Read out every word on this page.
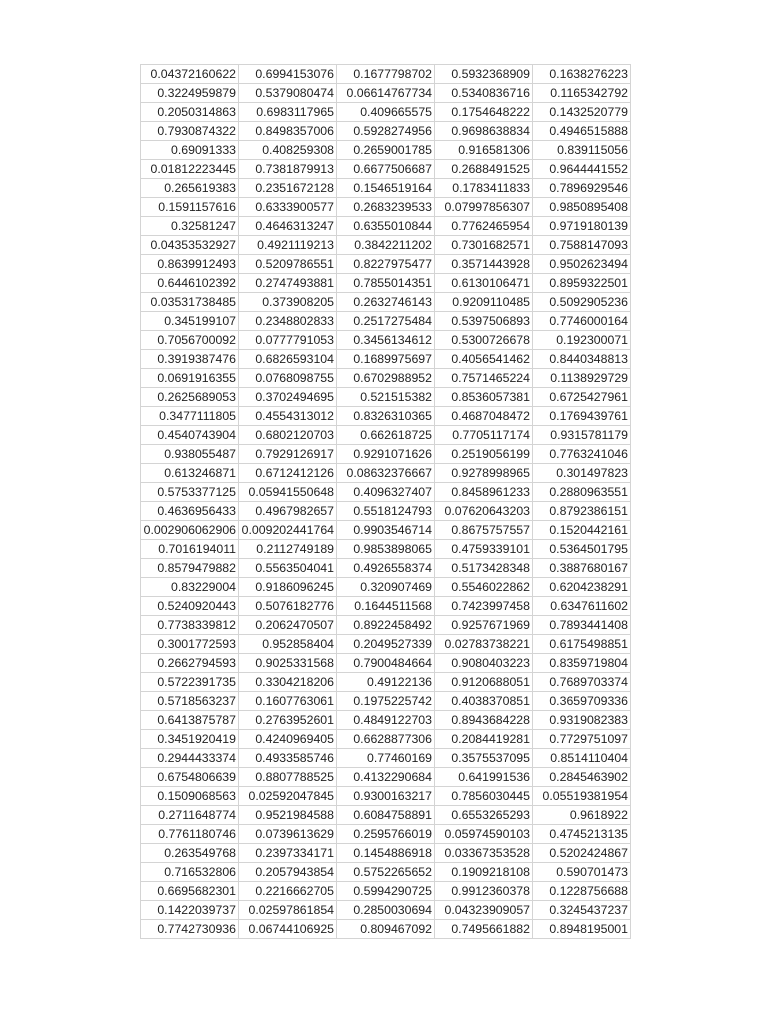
0.04372160622	0.6994153076	0.1677798702	0.5932368909	0.1638276223
0.3224959879	0.5379080474	0.06614767734	0.5340836716	0.1165342792
0.2050314863	0.6983117965	0.409665575	0.1754648222	0.1432520779
0.7930874322	0.8498357006	0.5928274956	0.9698638834	0.4946515888
0.69091333	0.408259308	0.2659001785	0.916581306	0.839115056
0.01812223445	0.7381879913	0.6677506687	0.2688491525	0.9644441552
0.265619383	0.2351672128	0.1546519164	0.1783411833	0.7896929546
0.1591157616	0.6333900577	0.2683239533	0.07997856307	0.9850895408
0.32581247	0.4646313247	0.6355010844	0.7762465954	0.9719180139
0.04353532927	0.4921119213	0.3842211202	0.7301682571	0.7588147093
0.8639912493	0.5209786551	0.8227975477	0.3571443928	0.9502623494
0.6446102392	0.2747493881	0.7855014351	0.6130106471	0.8959322501
0.03531738485	0.373908205	0.2632746143	0.9209110485	0.5092905236
0.345199107	0.2348802833	0.2517275484	0.5397506893	0.7746000164
0.7056700092	0.0777791053	0.3456134612	0.5300726678	0.192300071
0.3919387476	0.6826593104	0.1689975697	0.4056541462	0.8440348813
0.0691916355	0.0768098755	0.6702988952	0.7571465224	0.1138929729
0.2625689053	0.3702494695	0.521515382	0.8536057381	0.6725427961
0.3477111805	0.4554313012	0.8326310365	0.4687048472	0.1769439761
0.4540743904	0.6802120703	0.662618725	0.7705117174	0.9315781179
0.938055487	0.7929126917	0.9291071626	0.2519056199	0.7763241046
0.613246871	0.6712412126	0.08632376667	0.9278998965	0.301497823
0.5753377125	0.05941550648	0.4096327407	0.8458961233	0.2880963551
0.4636956433	0.4967982657	0.5518124793	0.07620643203	0.8792386151
0.002906062906	0.009202441764	0.9903546714	0.8675757557	0.1520442161
0.7016194011	0.2112749189	0.9853898065	0.4759339101	0.5364501795
0.8579479882	0.5563504041	0.4926558374	0.5173428348	0.3887680167
0.83229004	0.9186096245	0.320907469	0.5546022862	0.6204238291
0.5240920443	0.5076182776	0.1644511568	0.7423997458	0.6347611602
0.7738339812	0.2062470507	0.8922458492	0.9257671969	0.7893441408
0.3001772593	0.952858404	0.2049527339	0.02783738221	0.6175498851
0.2662794593	0.9025331568	0.7900484664	0.9080403223	0.8359719804
0.5722391735	0.3304218206	0.49122136	0.9120688051	0.7689703374
0.5718563237	0.1607763061	0.1975225742	0.4038370851	0.3659709336
0.6413875787	0.2763952601	0.4849122703	0.8943684228	0.9319082383
0.3451920419	0.4240969405	0.6628877306	0.2084419281	0.7729751097
0.2944433374	0.4933585746	0.77460169	0.3575537095	0.8514110404
0.6754806639	0.8807788525	0.4132290684	0.641991536	0.2845463902
0.1509068563	0.02592047845	0.9300163217	0.7856030445	0.05519381954
0.2711648774	0.9521984588	0.6084758891	0.6553265293	0.9618922
0.7761180746	0.0739613629	0.2595766019	0.05974590103	0.4745213135
0.263549768	0.2397334171	0.1454886918	0.03367353528	0.5202424867
0.716532806	0.2057943854	0.5752265652	0.1909218108	0.590701473
0.6695682301	0.2216662705	0.5994290725	0.9912360378	0.1228756688
0.1422039737	0.02597861854	0.2850030694	0.04323909057	0.3245437237
0.7742730936	0.06744106925	0.809467092	0.7495661882	0.8948195001
